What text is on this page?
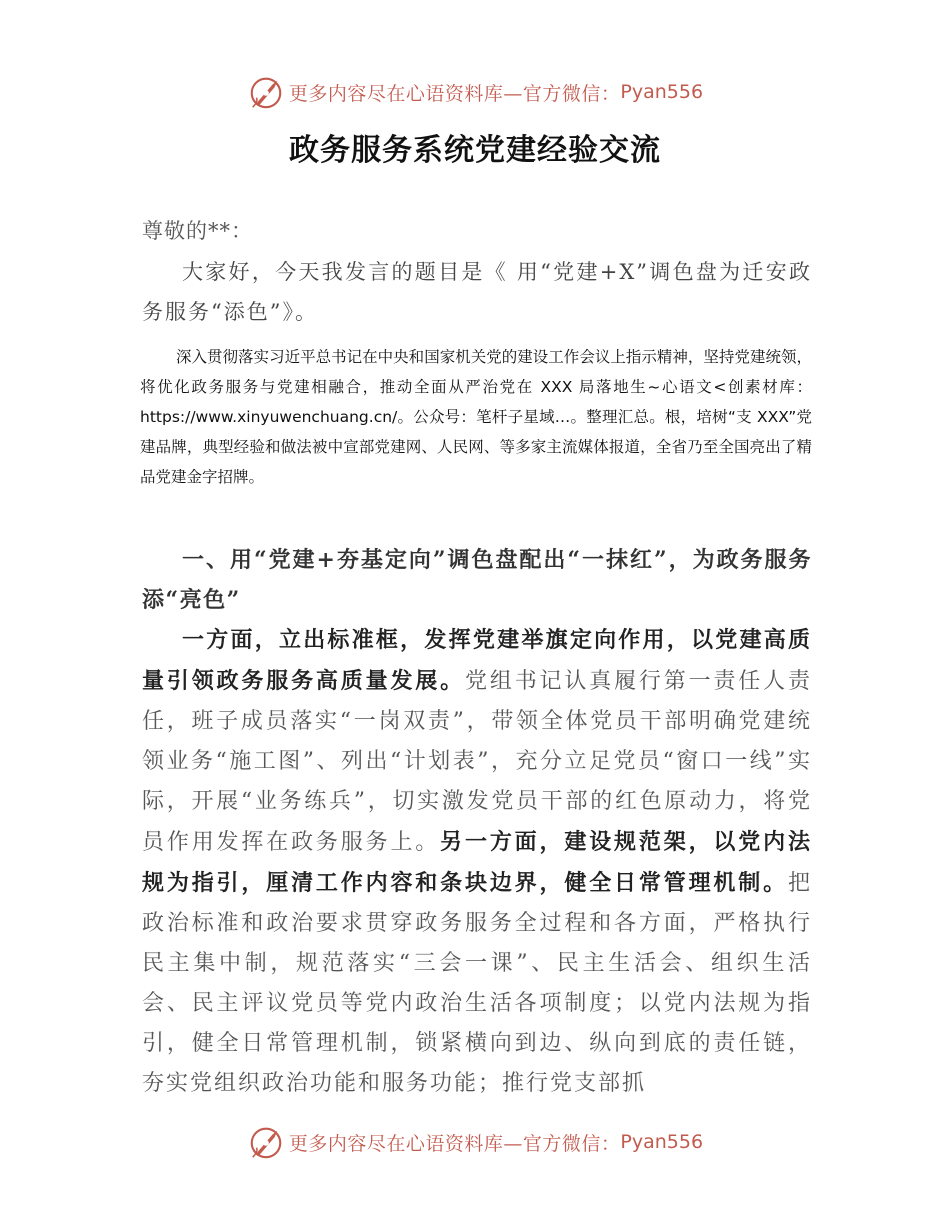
更多内容尽在心语资料库—官方微信： Pyan556
政务服务系统党建经验交流
尊敬的**：
大家好，今天我发言的题目是《 用“党建+X”调色盘为迁安政务服务“添色”》。
深入贯彻落实习近平总书记在中央和国家机关党的建设工作会议上指示精神，坚持党建统领，将优化政务服务与党建相融合，推动全面从严治党在 XXX 局落地生~心语文<创素材库：https://www.xinyuwenchuang.cn/。公众号：笔杆子星域…。整理汇总。根，培树“支 XXX”党建品牌，典型经验和做法被中宣部党建网、人民网、等多家主流媒体报道，全省乃至全国亮出了精品党建金字招牌。
一、用“党建+夯基定向”调色盘配出“一抹红”，为政务服务添“亮色”
一方面，立出标准框，发挥党建举旗定向作用，以党建高质量引领政务服务高质量发展。党组书记认真履行第一责任人责任，班子成员落实“一岗双责”，带领全体党员干部明确党建统领业务“施工图”、列出“计划表”，充分立足党员“窗口一线”实际，开展“业务练兵”，切实激发党员干部的红色原动力，将党员作用发挥在政务服务上。另一方面，建设规范架，以党内法规为指引，厘清工作内容和条块边界，健全日常管理机制。把政治标准和政治要求贯穿政务服务全过程和各方面，严格执行民主集中制，规范落实“三会一课”、民主生活会、组织生活会、民主评议党员等党内政治生活各项制度；以党内法规为指引，健全日常管理机制，锁紧横向到边、纵向到底的责任链，夯实党组织政治功能和服务功能；推行党支部抓
更多内容尽在心语资料库—官方微信： Pyan556
